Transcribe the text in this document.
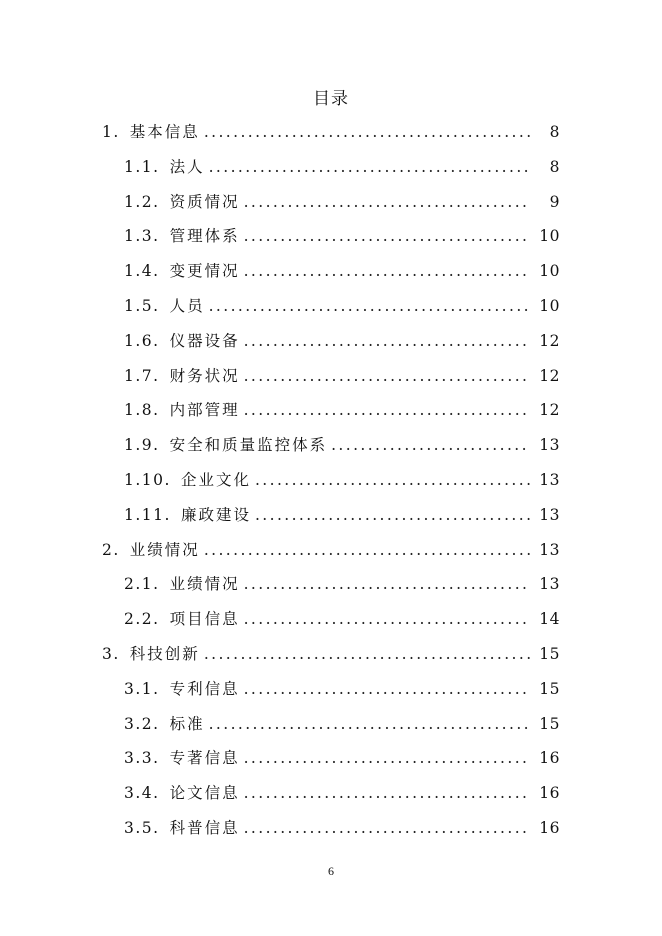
目录
1. 基本信息 .....	8
1.1. 法人 .....	8
1.2. 资质情况 .....	9
1.3. 管理体系 .....	10
1.4. 变更情况 .....	10
1.5. 人员 .....	10
1.6. 仪器设备 .....	12
1.7. 财务状况 .....	12
1.8. 内部管理 .....	12
1.9. 安全和质量监控体系 .....	13
1.10. 企业文化 .....	13
1.11. 廉政建设 .....	13
2. 业绩情况 .....	13
2.1. 业绩情况 .....	13
2.2. 项目信息 .....	14
3. 科技创新 .....	15
3.1. 专利信息 .....	15
3.2. 标准 .....	15
3.3. 专著信息 .....	16
3.4. 论文信息 .....	16
3.5. 科普信息 .....	16
6
